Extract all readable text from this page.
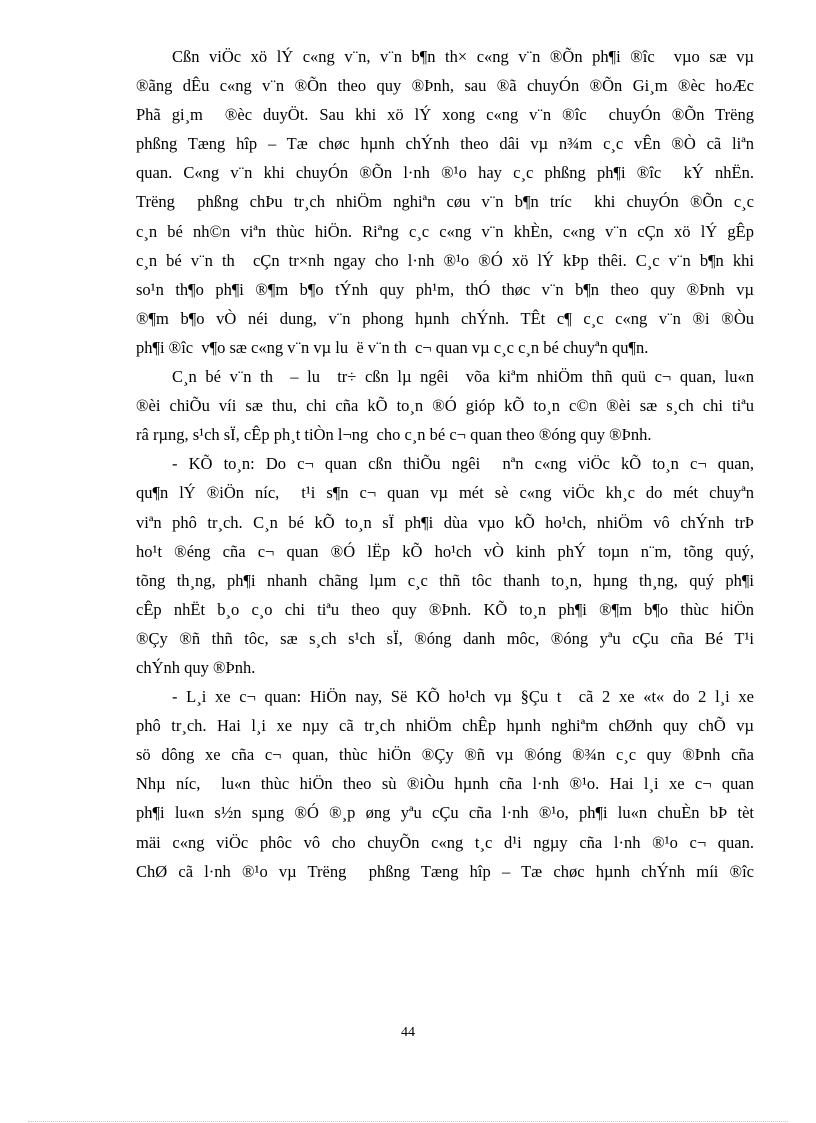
Cßn viÖc xö lÝ c«ng v¨n, v¨n b¶n th× c«ng v¨n ®Õn ph¶i ®îc  vµo sæ vµ
®ãng dÊu c«ng v¨n ®Õn theo quy ®Þnh, sau ®ã chuyÓn ®Õn Gi¸m ®èc hoÆc
Phã gi¸m  ®èc duyÖt. Sau khi xö lÝ xong c«ng v¨n ®îc  chuyÓn ®Õn Trëng
phßng Tæng hîp – Tæ chøc hµnh chÝnh theo dâi vµ n¾m c¸c vÊn ®Ò cã liªn
quan. C«ng v¨n khi chuyÓn ®Õn l·nh ®¹o hay c¸c phßng ph¶i ®îc  kÝ nhËn.
Trëng  phßng chÞu tr¸ch nhiÖm nghiªn cøu v¨n b¶n tríc  khi chuyÓn ®Õn c¸c
c¸n bé nh©n viªn thùc hiÖn. Riªng c¸c c«ng v¨n khÈn, c«ng v¨n cÇn xö lÝ gÊp
c¸n bé v¨n th  cÇn tr×nh ngay cho l·nh ®¹o ®Ó xö lÝ kÞp thêi. C¸c v¨n b¶n khi
so¹n th¶o ph¶i ®¶m b¶o tÝnh quy ph¹m, thÓ thøc v¨n b¶n theo quy ®Þnh vµ
®¶m b¶o vÒ néi dung, v¨n phong hµnh chÝnh. TÊt c¶ c¸c c«ng v¨n ®i ®Òu
ph¶i ®îc  v¶o sæ c«ng v¨n vµ lu  ë v¨n th  c¬ quan vµ c¸c c¸n bé chuyªn qu¶n.
C¸n bé v¨n th  – lu  tr÷ cßn lµ ngêi  võa kiªm nhiÖm thñ quü c¬ quan, lu«n
®èi chiÕu víi sæ thu, chi cña kÕ to¸n ®Ó gióp kÕ to¸n c©n ®èi sæ s¸ch chi tiªu
râ rµng, s¹ch sÏ, cÊp ph¸t tiÒn l¬ng  cho c¸n bé c¬ quan theo ®óng quy ®Þnh.
- KÕ to¸n: Do c¬ quan cßn thiÕu ngêi  nªn c«ng viÖc kÕ to¸n c¬ quan,
qu¶n lÝ ®iÖn níc,  t¹i s¶n c¬ quan vµ mét sè c«ng viÖc kh¸c do mét chuyªn
viªn phô tr¸ch. C¸n bé kÕ to¸n sÏ ph¶i dùa vµo kÕ ho¹ch, nhiÖm vô chÝnh trÞ
ho¹t ®éng cña c¬ quan ®Ó lËp kÕ ho¹ch vÒ kinh phÝ toµn n¨m, tõng quý,
tõng th¸ng, ph¶i nhanh chãng lµm c¸c thñ tôc thanh to¸n, hµng th¸ng, quý ph¶i
cÊp nhËt b¸o c¸o chi tiªu theo quy ®Þnh. KÕ to¸n ph¶i ®¶m b¶o thùc hiÖn
®Çy ®ñ thñ tôc, sæ s¸ch s¹ch sÏ, ®óng danh môc, ®óng yªu cÇu cña Bé T¹i
chÝnh quy ®Þnh.
- L¸i xe c¬ quan: HiÖn nay, Së KÕ ho¹ch vµ §Çu t  cã 2 xe «t« do 2 l¸i xe
phô tr¸ch. Hai l¸i xe nµy cã tr¸ch nhiÖm chÊp hµnh nghiªm chØnh quy chÕ vµ
sö dông xe cña c¬ quan, thùc hiÖn ®Çy ®ñ vµ ®óng ®¾n c¸c quy ®Þnh cña
Nhµ níc,  lu«n thùc hiÖn theo sù ®iÒu hµnh cña l·nh ®¹o. Hai l¸i xe c¬ quan
ph¶i lu«n s½n sµng ®Ó ®¸p øng yªu cÇu cña l·nh ®¹o, ph¶i lu«n chuÈn bÞ tèt
mäi c«ng viÖc phôc vô cho chuyÕn c«ng t¸c d¹i ngµy cña l·nh ®¹o c¬ quan.
ChØ cã l·nh ®¹o vµ Trëng  phßng Tæng hîp – Tæ chøc hµnh chÝnh míi ®îc
44
